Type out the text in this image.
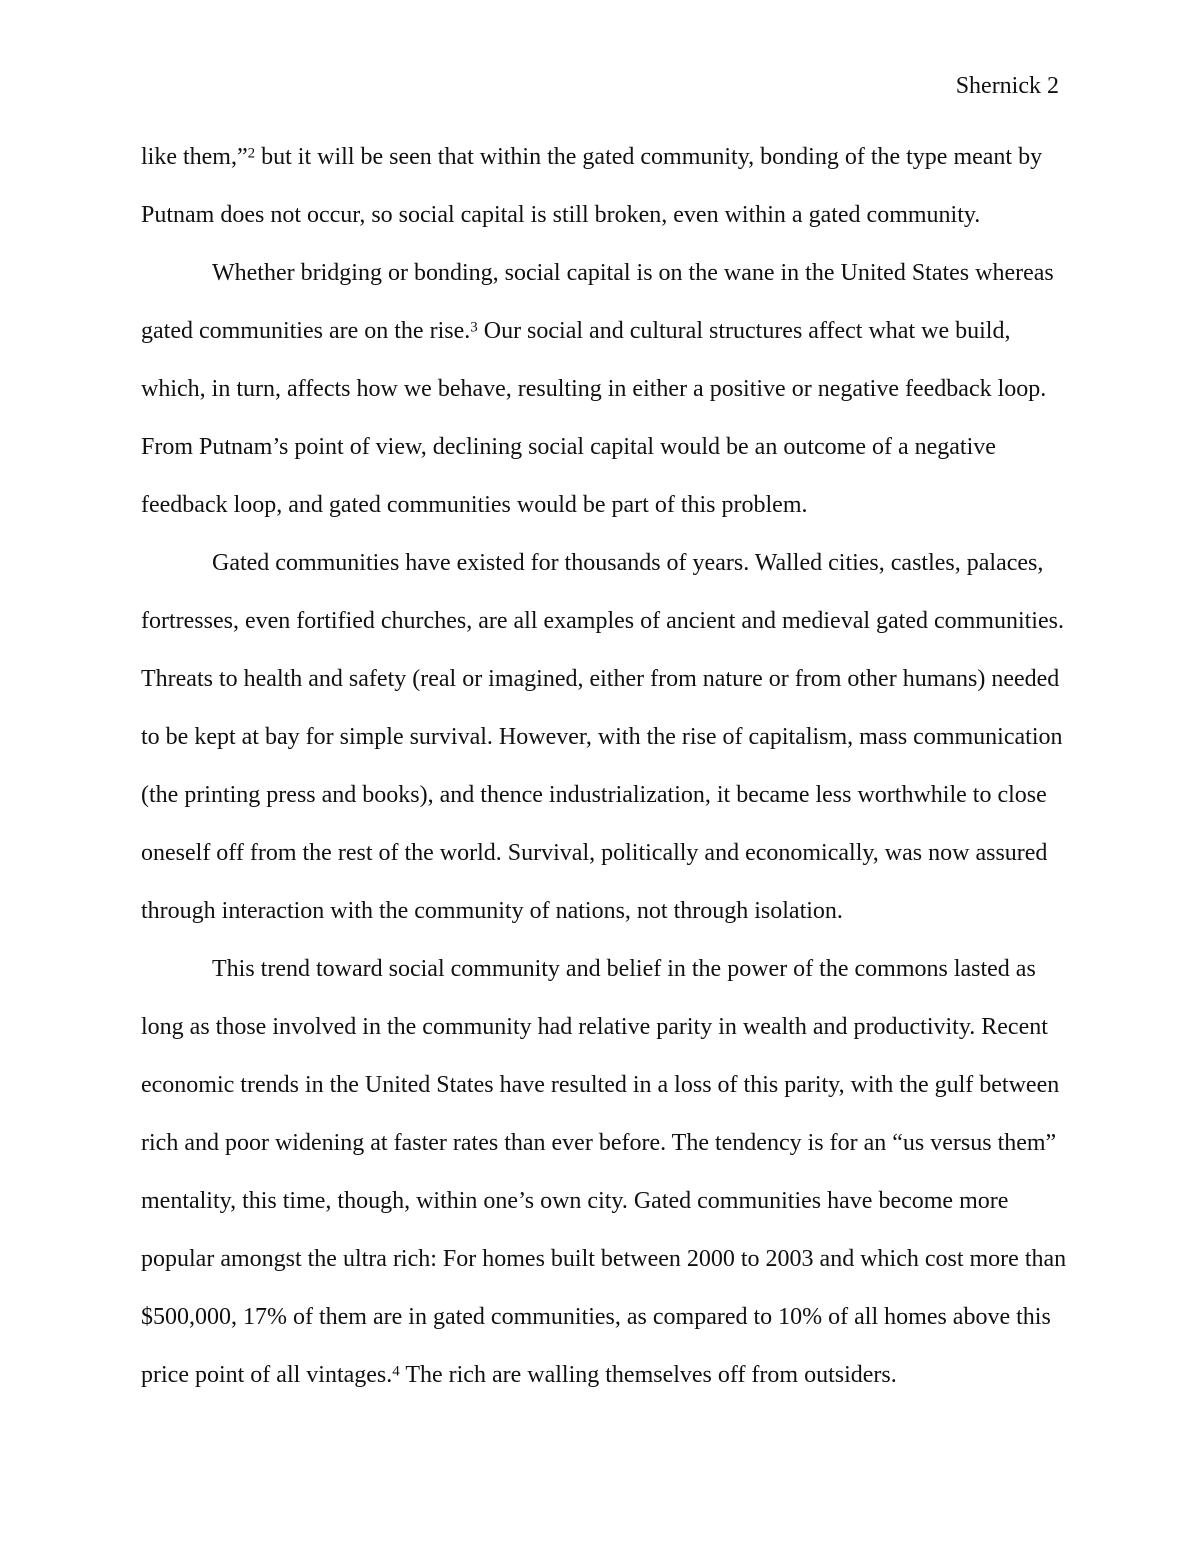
Shernick 2
like them,”$^2$ but it will be seen that within the gated community, bonding of the type meant by
Putnam does not occur, so social capital is still broken, even within a gated community.
Whether bridging or bonding, social capital is on the wane in the United States whereas
gated communities are on the rise.$^3$ Our social and cultural structures affect what we build,
which, in turn, affects how we behave, resulting in either a positive or negative feedback loop.
From Putnam’s point of view, declining social capital would be an outcome of a negative
feedback loop, and gated communities would be part of this problem.
Gated communities have existed for thousands of years. Walled cities, castles, palaces,
fortresses, even fortified churches, are all examples of ancient and medieval gated communities.
Threats to health and safety (real or imagined, either from nature or from other humans) needed
to be kept at bay for simple survival. However, with the rise of capitalism, mass communication
(the printing press and books), and thence industrialization, it became less worthwhile to close
oneself off from the rest of the world. Survival, politically and economically, was now assured
through interaction with the community of nations, not through isolation.
This trend toward social community and belief in the power of the commons lasted as
long as those involved in the community had relative parity in wealth and productivity. Recent
economic trends in the United States have resulted in a loss of this parity, with the gulf between
rich and poor widening at faster rates than ever before. The tendency is for an “us versus them”
mentality, this time, though, within one’s own city. Gated communities have become more
popular amongst the ultra rich: For homes built between 2000 to 2003 and which cost more than
$500,000, 17% of them are in gated communities, as compared to 10% of all homes above this
price point of all vintages.$^4$ The rich are walling themselves off from outsiders.
